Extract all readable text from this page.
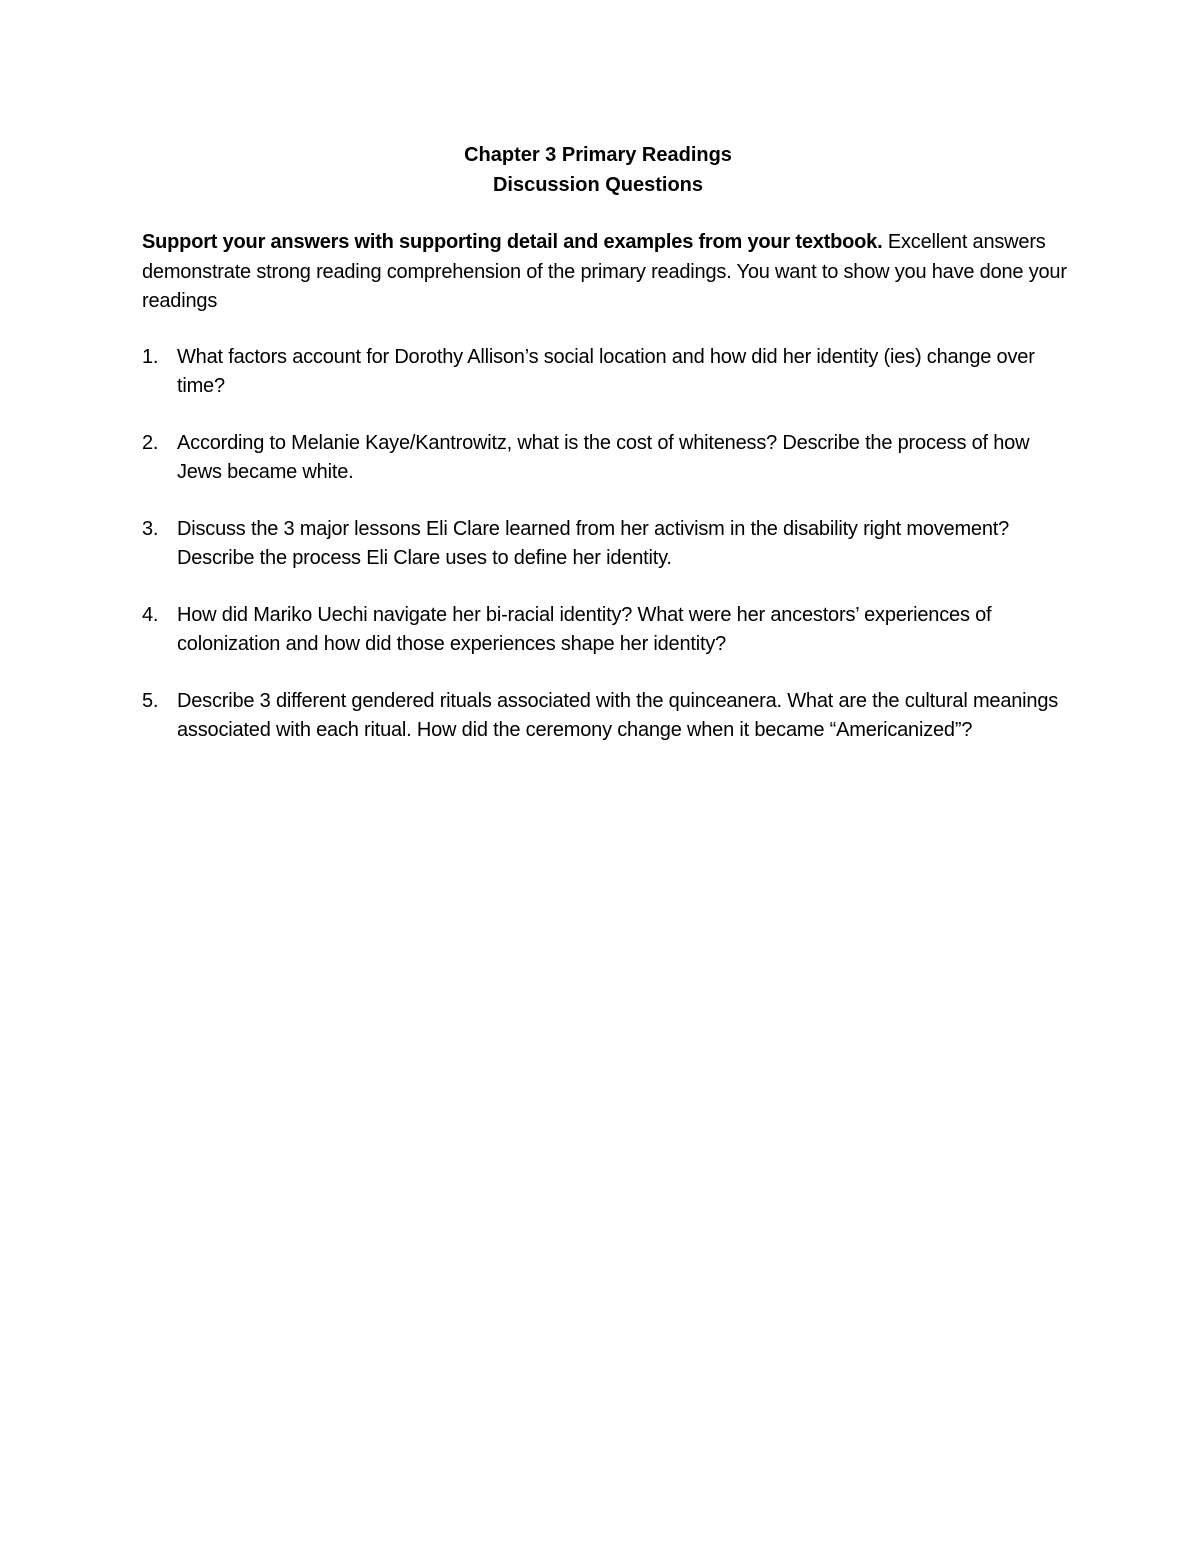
Chapter 3 Primary Readings
Discussion Questions
Support your answers with supporting detail and examples from your textbook. Excellent answers demonstrate strong reading comprehension of the primary readings. You want to show you have done your readings
1. What factors account for Dorothy Allison’s social location and how did her identity (ies) change over time?
2. According to Melanie Kaye/Kantrowitz, what is the cost of whiteness? Describe the process of how Jews became white.
3. Discuss the 3 major lessons Eli Clare learned from her activism in the disability right movement? Describe the process Eli Clare uses to define her identity.
4. How did Mariko Uechi navigate her bi-racial identity? What were her ancestors’ experiences of colonization and how did those experiences shape her identity?
5. Describe 3 different gendered rituals associated with the quinceanera. What are the cultural meanings associated with each ritual. How did the ceremony change when it became “Americanized”?
